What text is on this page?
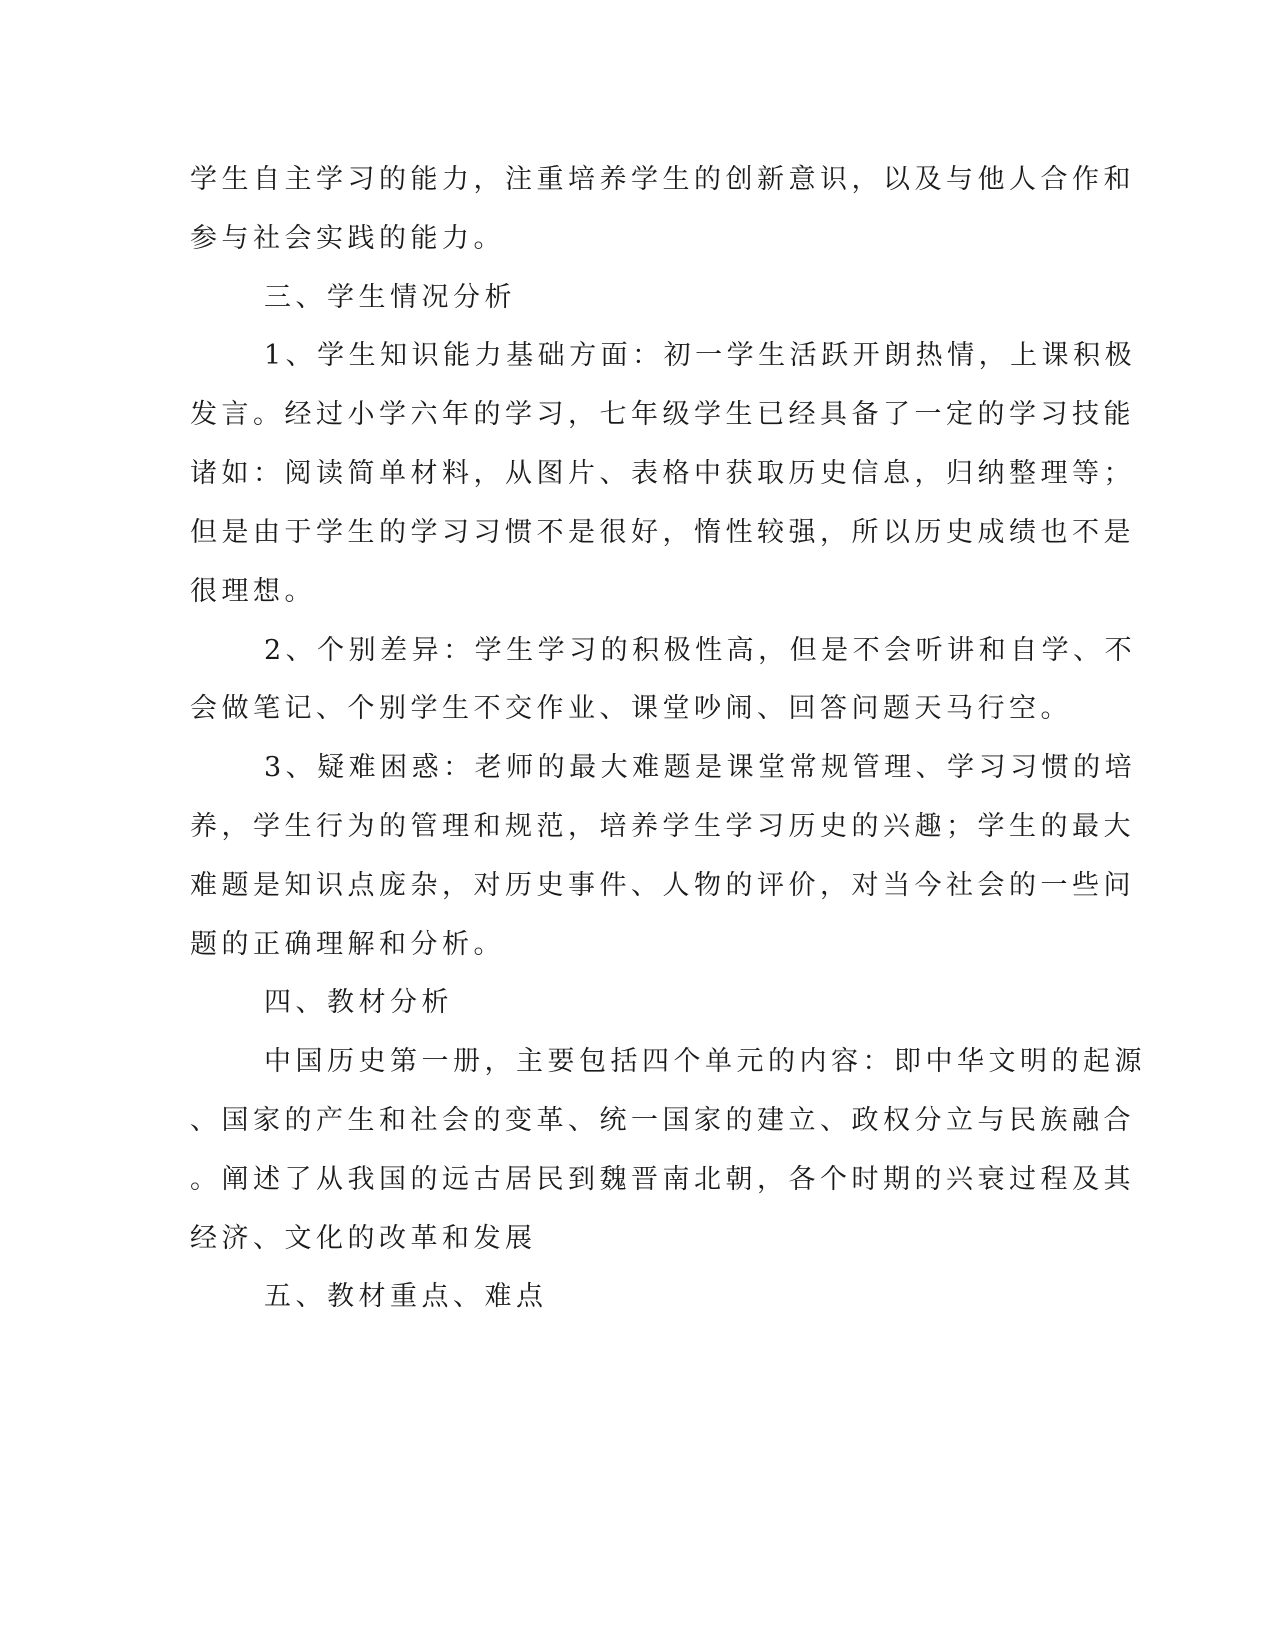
学生自主学习的能力，注重培养学生的创新意识，以及与他人合作和
参与社会实践的能力。
三、学生情况分析
1、学生知识能力基础方面：初一学生活跃开朗热情，上课积极
发言。经过小学六年的学习，七年级学生已经具备了一定的学习技能
诸如：阅读简单材料，从图片、表格中获取历史信息，归纳整理等；
但是由于学生的学习习惯不是很好，惰性较强，所以历史成绩也不是
很理想。
2、个别差异：学生学习的积极性高，但是不会听讲和自学、不
会做笔记、个别学生不交作业、课堂吵闹、回答问题天马行空。
3、疑难困惑：老师的最大难题是课堂常规管理、学习习惯的培
养，学生行为的管理和规范，培养学生学习历史的兴趣；学生的最大
难题是知识点庞杂，对历史事件、人物的评价，对当今社会的一些问
题的正确理解和分析。
四、教材分析
中国历史第一册，主要包括四个单元的内容：即中华文明的起源
、国家的产生和社会的变革、统一国家的建立、政权分立与民族融合
。阐述了从我国的远古居民到魏晋南北朝，各个时期的兴衰过程及其
经济、文化的改革和发展
五、教材重点、难点
